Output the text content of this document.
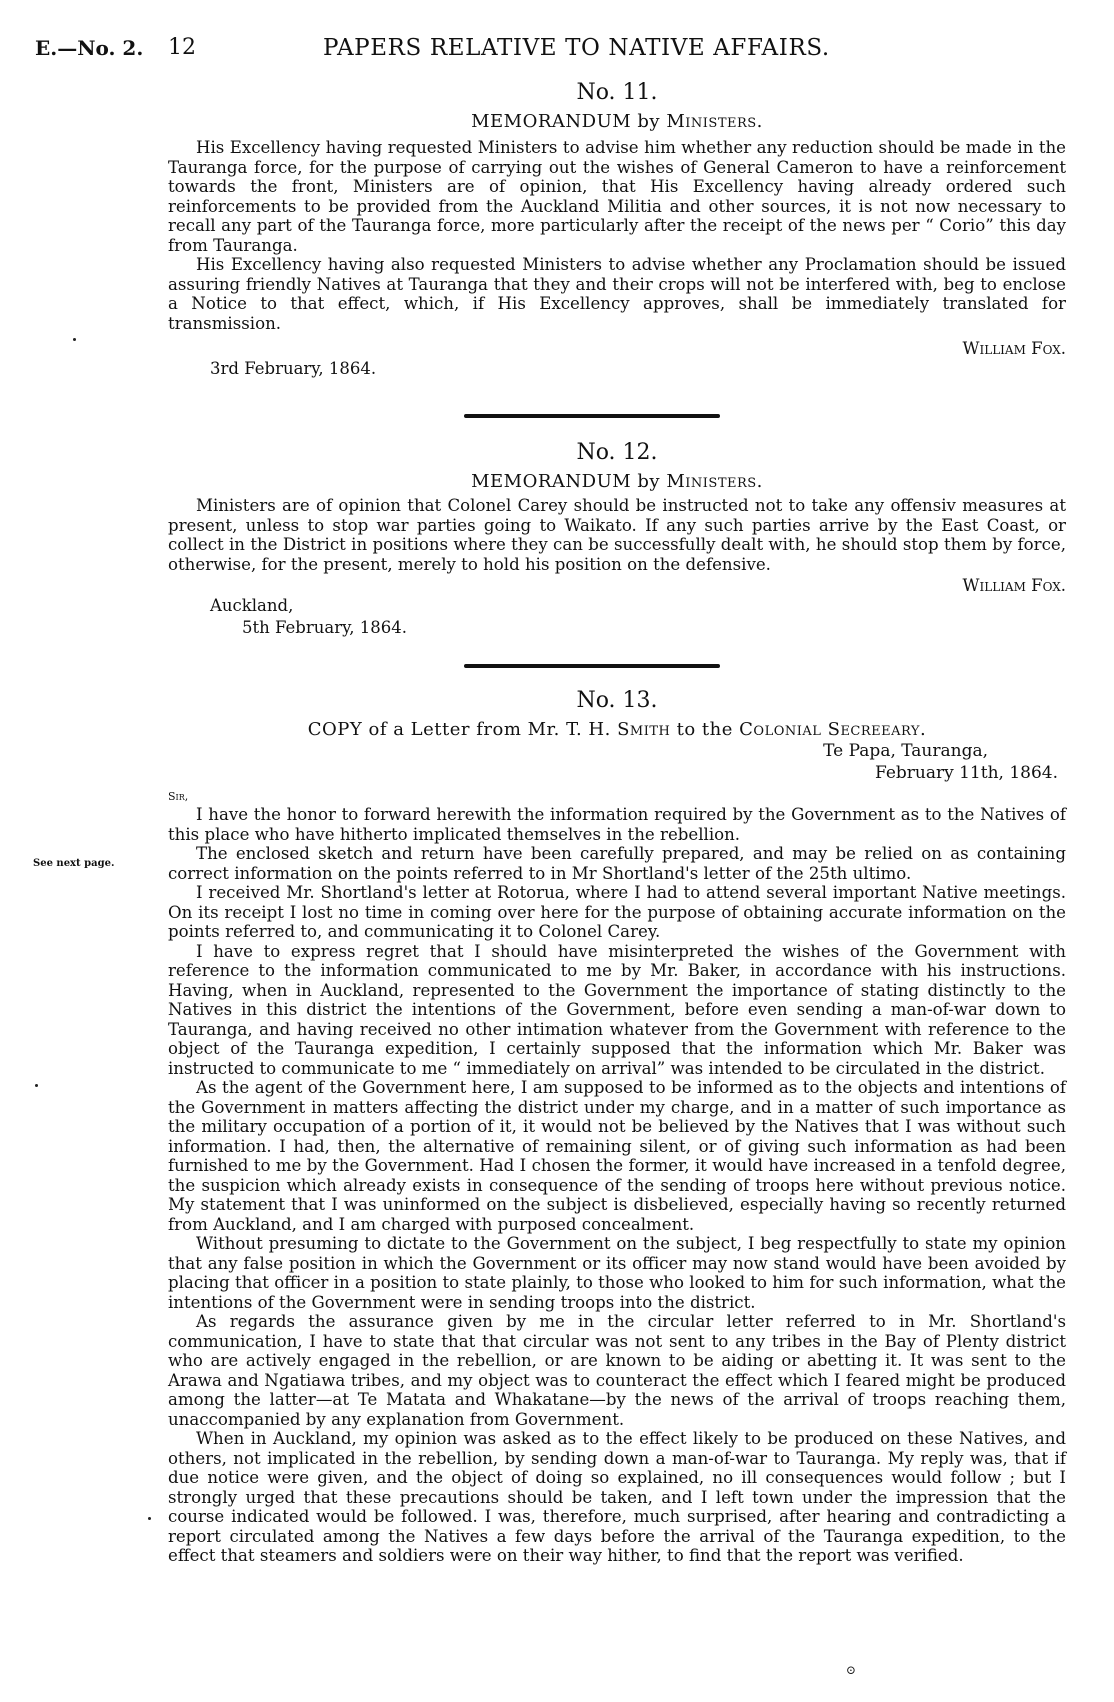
E.—No. 2. 12	PAPERS RELATIVE TO NATIVE AFFAIRS.
See next page.

No. 11.

MEMORANDUM by Ministers.

His Excellency having requested Ministers to advise him whether any reduction should be made in the Tauranga force, for the purpose of carrying out the wishes of General Cameron to have a reinforcement towards the front, Ministers are of opinion, that His Excellency having already ordered such reinforcements to be provided from the Auckland Militia and other sources, it is not now necessary to recall any part of the Tauranga force, more particularly after the receipt of the news per “ Corio” this day from Tauranga.

His Excellency having also requested Ministers to advise whether any Proclamation should be issued assuring friendly Natives at Tauranga that they and their crops will not be interfered with, beg to enclose a Notice to that effect, which, if His Excellency approves, shall be immediately translated for transmission.

William Fox.
3rd February, 1864.

No. 12.

MEMORANDUM by Ministers.

Ministers are of opinion that Colonel Carey should be instructed not to take any offensiv measures at present, unless to stop war parties going to Waikato. If any such parties arrive by the East Coast, or collect in the District in positions where they can be successfully dealt with, he should stop them by force, otherwise, for the present, merely to hold his position on the defensive.

William Fox.
Auckland,
5th February, 1864.

No. 13.

COPY of a Letter from Mr. T. H. Smith to the Colonial Secreeary.

Te Papa, Tauranga,
February 11th, 1864.
Sir,

I have the honor to forward herewith the information required by the Government as to the Natives of this place who have hitherto implicated themselves in the rebellion.

The enclosed sketch and return have been carefully prepared, and may be relied on as containing correct information on the points referred to in Mr Shortland's letter of the 25th ultimo.

I received Mr. Shortland's letter at Rotorua, where I had to attend several important Native meetings. On its receipt I lost no time in coming over here for the purpose of obtaining accurate information on the points referred to, and communicating it to Colonel Carey.

I have to express regret that I should have misinterpreted the wishes of the Government with reference to the information communicated to me by Mr. Baker, in accordance with his instructions. Having, when in Auckland, represented to the Government the importance of stating distinctly to the Natives in this district the intentions of the Government, before even sending a man-of-war down to Tauranga, and having received no other intimation whatever from the Government with reference to the object of the Tauranga expedition, I certainly supposed that the information which Mr. Baker was instructed to communicate to me “ immediately on arrival” was intended to be circulated in the district.

As the agent of the Government here, I am supposed to be informed as to the objects and intentions of the Government in matters affecting the district under my charge, and in a matter of such importance as the military occupation of a portion of it, it would not be believed by the Natives that I was without such information. I had, then, the alternative of remaining silent, or of giving such information as had been furnished to me by the Government. Had I chosen the former, it would have increased in a tenfold degree, the suspicion which already exists in consequence of the sending of troops here without previous notice. My statement that I was uninformed on the subject is disbelieved, especially having so recently returned from Auckland, and I am charged with purposed concealment.

Without presuming to dictate to the Government on the subject, I beg respectfully to state my opinion that any false position in which the Government or its officer may now stand would have been avoided by placing that officer in a position to state plainly, to those who looked to him for such information, what the intentions of the Government were in sending troops into the district.

As regards the assurance given by me in the circular letter referred to in Mr. Shortland's communication, I have to state that that circular was not sent to any tribes in the Bay of Plenty district who are actively engaged in the rebellion, or are known to be aiding or abetting it. It was sent to the Arawa and Ngatiawa tribes, and my object was to counteract the effect which I feared might be produced among the latter—at Te Matata and Whakatane—by the news of the arrival of troops reaching them, unaccompanied by any explanation from Government.

When in Auckland, my opinion was asked as to the effect likely to be produced on these Natives, and others, not implicated in the rebellion, by sending down a man-of-war to Tauranga. My reply was, that if due notice were given, and the object of doing so explained, no ill consequences would follow ; but I strongly urged that these precautions should be taken, and I left town under the impression that the course indicated would be followed. I was, therefore, much surprised, after hearing and contradicting a report circulated among the Natives a few days before the arrival of the Tauranga expedition, to the effect that steamers and soldiers were on their way hither, to find that the report was verified.

⊙
